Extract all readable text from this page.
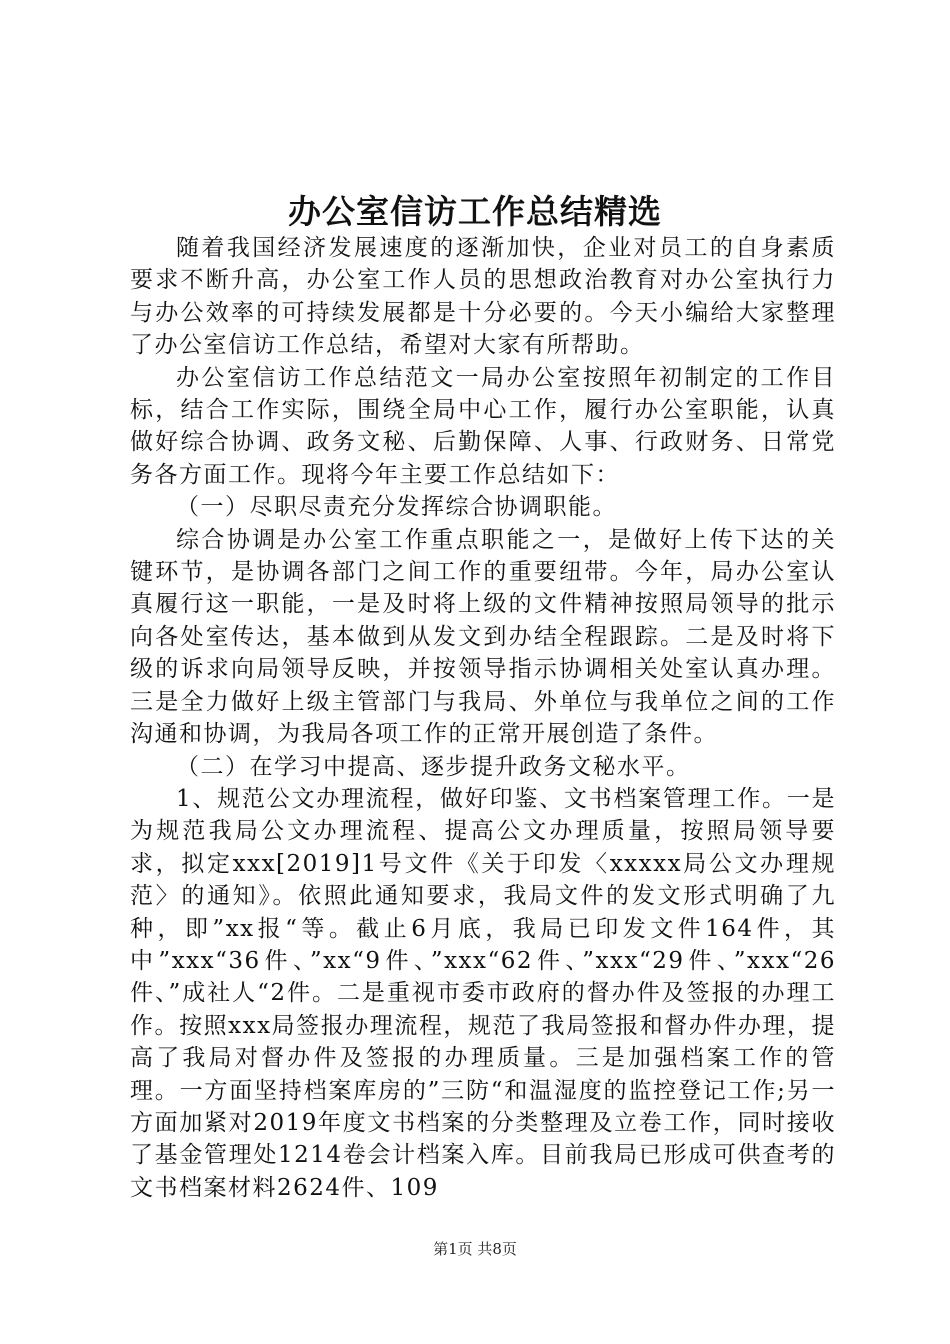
办公室信访工作总结精选

随着我国经济发展速度的逐渐加快，企业对员工的自身素质要求不断升高，办公室工作人员的思想政治教育对办公室执行力与办公效率的可持续发展都是十分必要的。今天小编给大家整理了办公室信访工作总结，希望对大家有所帮助。

办公室信访工作总结范文一局办公室按照年初制定的工作目标，结合工作实际，围绕全局中心工作，履行办公室职能，认真做好综合协调、政务文秘、后勤保障、人事、行政财务、日常党务各方面工作。现将今年主要工作总结如下：

（一）尽职尽责充分发挥综合协调职能。

综合协调是办公室工作重点职能之一，是做好上传下达的关键环节，是协调各部门之间工作的重要纽带。今年，局办公室认真履行这一职能，一是及时将上级的文件精神按照局领导的批示向各处室传达，基本做到从发文到办结全程跟踪。二是及时将下级的诉求向局领导反映，并按领导指示协调相关处室认真办理。三是全力做好上级主管部门与我局、外单位与我单位之间的工作沟通和协调，为我局各项工作的正常开展创造了条件。

（二）在学习中提高、逐步提升政务文秘水平。

1、规范公文办理流程，做好印鉴、文书档案管理工作。一是为规范我局公文办理流程、提高公文办理质量，按照局领导要求，拟定xxx[2019]1号文件《关于印发〈xxxxx局公文办理规范〉的通知》。依照此通知要求，我局文件的发文形式明确了九种，即”xx报“等。截止6月底，我局已印发文件164件，其中”xxx“36件、”xx“9件、”xxx“62件、”xxx“29件、”xxx“26件、”成社人“2件。二是重视市委市政府的督办件及签报的办理工作。按照xxx局签报办理流程，规范了我局签报和督办件办理，提高了我局对督办件及签报的办理质量。三是加强档案工作的管理。一方面坚持档案库房的”三防“和温湿度的监控登记工作;另一方面加紧对2019年度文书档案的分类整理及立卷工作，同时接收了基金管理处1214卷会计档案入库。目前我局已形成可供查考的文书档案材料2624件、109

第1页 共8页
